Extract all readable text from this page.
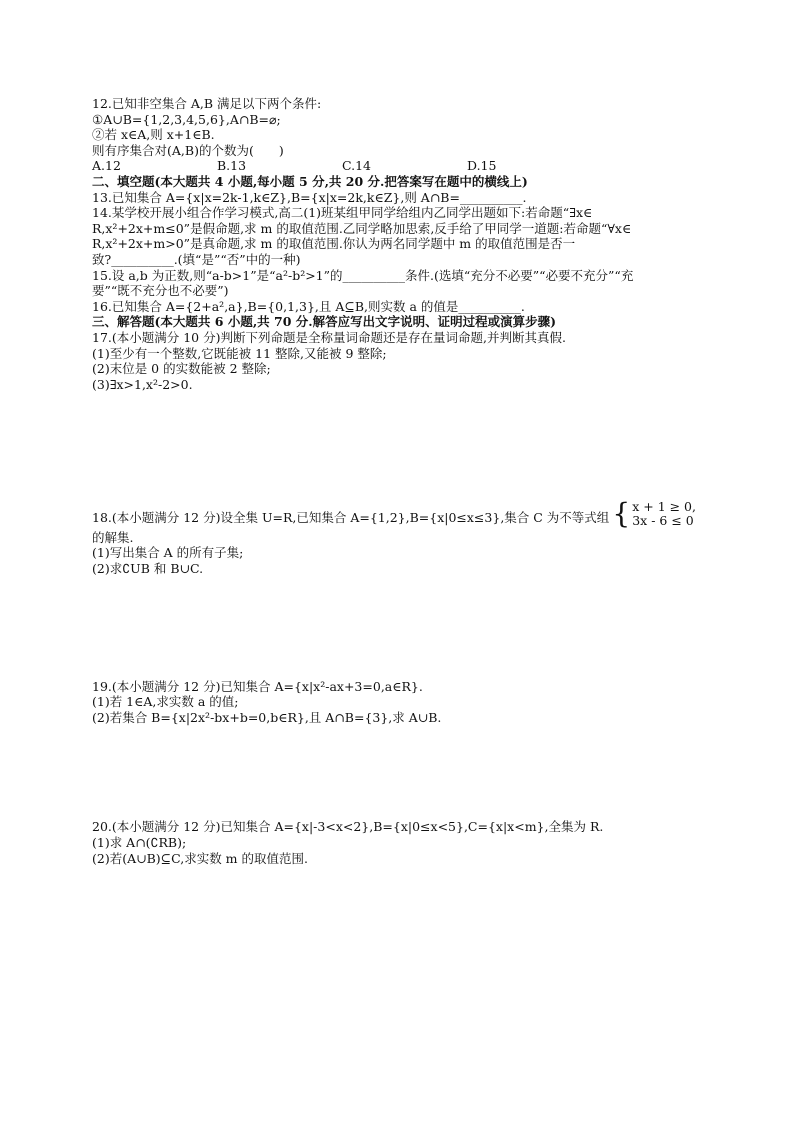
12.已知非空集合 A,B 满足以下两个条件:
①A∪B={1,2,3,4,5,6},A∩B=⌀;
②若 x∈A,则 x+1∈B.
则有序集合对(A,B)的个数为(　　)
A.12	B.13	C.14	D.15
二、填空题(本大题共 4 小题,每小题 5 分,共 20 分.把答案写在题中的横线上)
13.已知集合 A={x|x=2k-1,k∈Z},B={x|x=2k,k∈Z},则 A∩B=__________.
14.某学校开展小组合作学习模式,高二(1)班某组甲同学给组内乙同学出题如下:若命题“∃x∈
R,x²+2x+m≤0”是假命题,求 m 的取值范围.乙同学略加思索,反手给了甲同学一道题:若命题“∀x∈
R,x²+2x+m>0”是真命题,求 m 的取值范围.你认为两名同学题中 m 的取值范围是否一
致?__________.(填“是”“否”中的一种)
15.设 a,b 为正数,则“a-b>1”是“a²-b²>1”的__________条件.(选填“充分不必要”“必要不充分”“充
要”“既不充分也不必要”)
16.已知集合 A={2+a²,a},B={0,1,3},且 A⊆B,则实数 a 的值是__________.
三、解答题(本大题共 6 小题,共 70 分.解答应写出文字说明、证明过程或演算步骤)
17.(本小题满分 10 分)判断下列命题是全称量词命题还是存在量词命题,并判断其真假.
(1)至少有一个整数,它既能被 11 整除,又能被 9 整除;
(2)末位是 0 的实数能被 2 整除;
(3)∃x>1,x²-2>0.
18.(本小题满分 12 分)设全集 U=R,已知集合 A={1,2},B={x|0≤x≤3},集合 C 为不等式组 { x + 1 ≥ 0,
3x - 6 ≤ 0
的解集.
(1)写出集合 A 的所有子集;
(2)求∁UB 和 B∪C.
19.(本小题满分 12 分)已知集合 A={x|x²-ax+3=0,a∈R}.
(1)若 1∈A,求实数 a 的值;
(2)若集合 B={x|2x²-bx+b=0,b∈R},且 A∩B={3},求 A∪B.
20.(本小题满分 12 分)已知集合 A={x|-3<x<2},B={x|0≤x<5},C={x|x<m},全集为 R.
(1)求 A∩(∁RB);
(2)若(A∪B)⊆C,求实数 m 的取值范围.
